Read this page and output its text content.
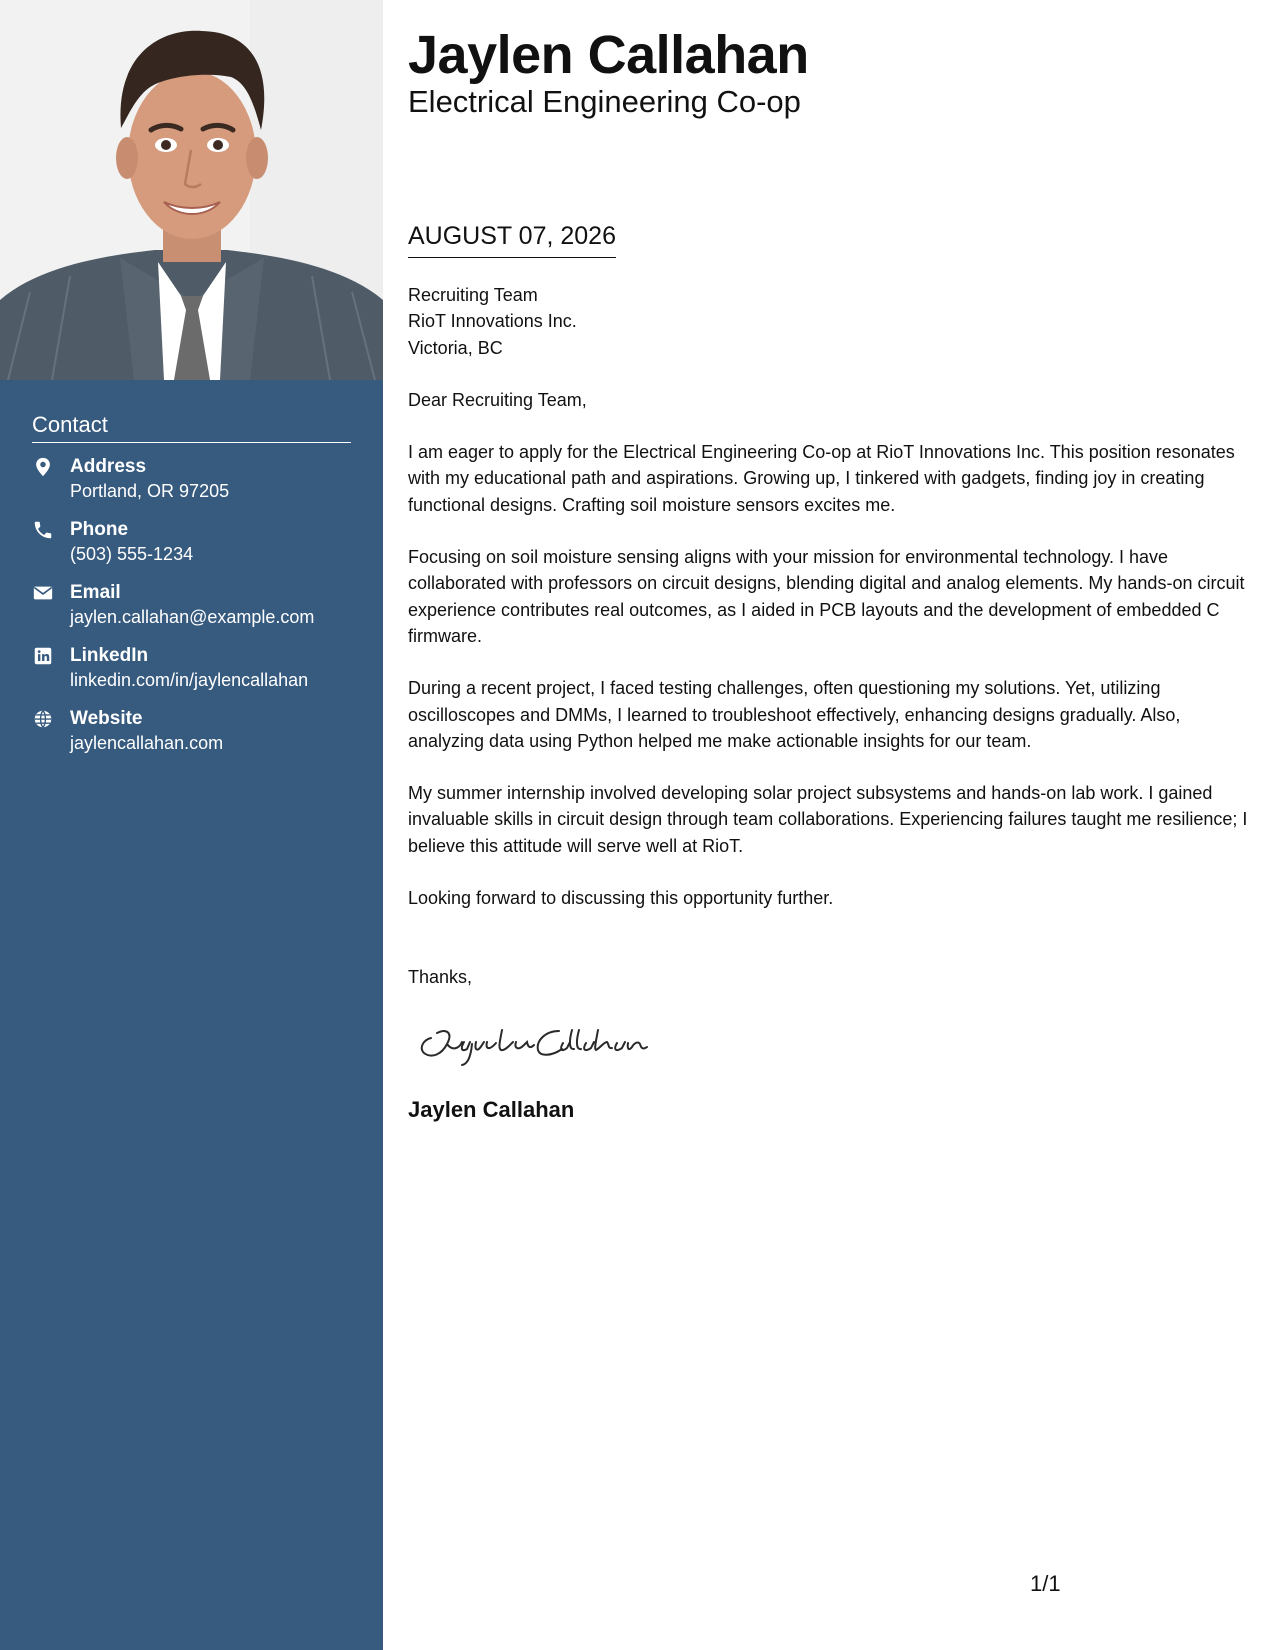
Contact
Address
Portland, OR 97205
Phone
(503) 555-1234
Email
jaylen.callahan@example.com
LinkedIn
linkedin.com/in/jaylencallahan
Website
jaylencallahan.com
Jaylen Callahan
Electrical Engineering Co-op
AUGUST 07, 2026
Recruiting Team
RioT Innovations Inc.
Victoria, BC
Dear Recruiting Team,
I am eager to apply for the Electrical Engineering Co-op at RioT Innovations Inc. This position resonates with my educational path and aspirations. Growing up, I tinkered with gadgets, finding joy in creating functional designs. Crafting soil moisture sensors excites me.
Focusing on soil moisture sensing aligns with your mission for environmental technology. I have collaborated with professors on circuit designs, blending digital and analog elements. My hands-on circuit experience contributes real outcomes, as I aided in PCB layouts and the development of embedded C firmware.
During a recent project, I faced testing challenges, often questioning my solutions. Yet, utilizing oscilloscopes and DMMs, I learned to troubleshoot effectively, enhancing designs gradually. Also, analyzing data using Python helped me make actionable insights for our team.
My summer internship involved developing solar project subsystems and hands-on lab work. I gained invaluable skills in circuit design through team collaborations. Experiencing failures taught me resilience; I believe this attitude will serve well at RioT.
Looking forward to discussing this opportunity further.
Thanks,
Jaylen Callahan
1/1
